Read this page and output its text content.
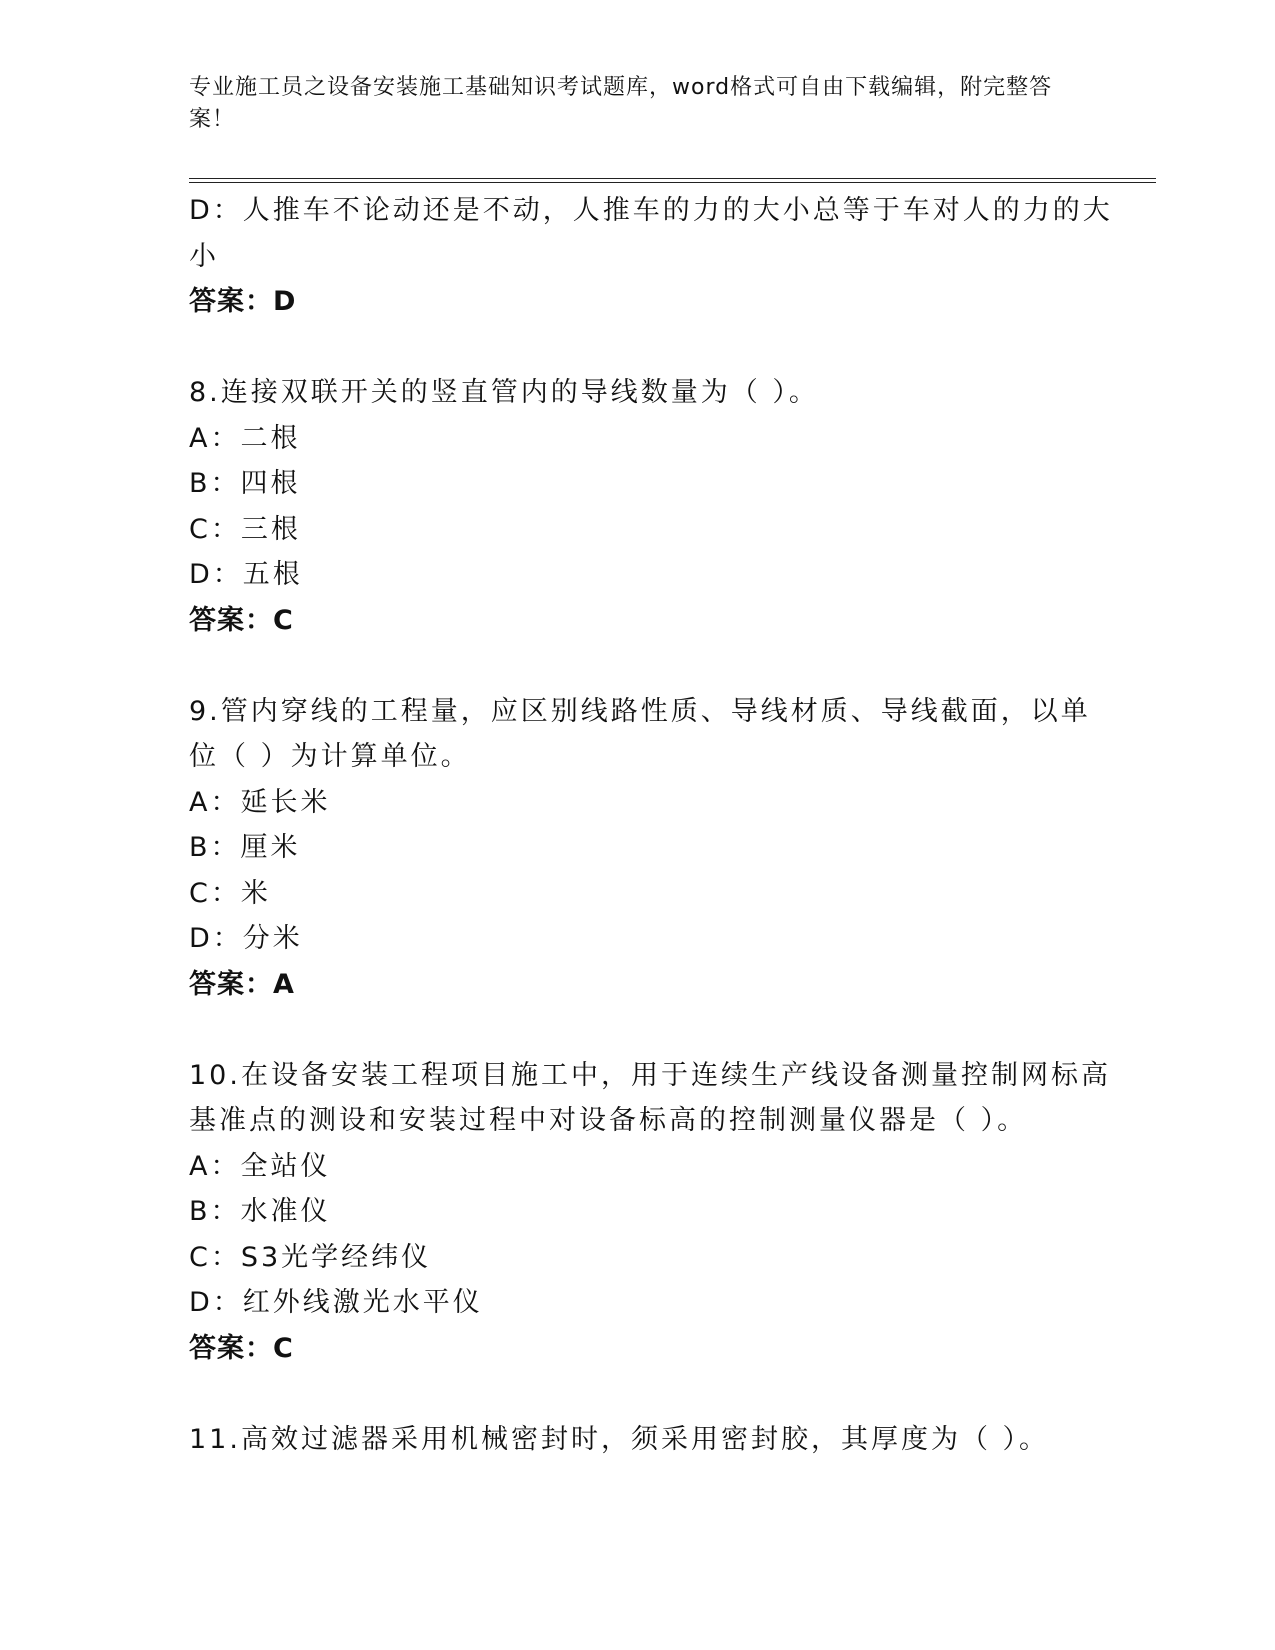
专业施工员之设备安装施工基础知识考试题库，word格式可自由下载编辑，附完整答案！
D：人推车不论动还是不动，人推车的力的大小总等于车对人的力的大
小
答案：D
8.连接双联开关的竖直管内的导线数量为（ ）。
A：二根
B：四根
C：三根
D：五根
答案：C
9.管内穿线的工程量，应区别线路性质、导线材质、导线截面，以单
位（ ）为计算单位。
A：延长米
B：厘米
C：米
D：分米
答案：A
10.在设备安装工程项目施工中，用于连续生产线设备测量控制网标高
基准点的测设和安装过程中对设备标高的控制测量仪器是（ ）。
A：全站仪
B：水准仪
C：S3光学经纬仪
D：红外线激光水平仪
答案：C
11.高效过滤器采用机械密封时，须采用密封胶，其厚度为（ ）。
